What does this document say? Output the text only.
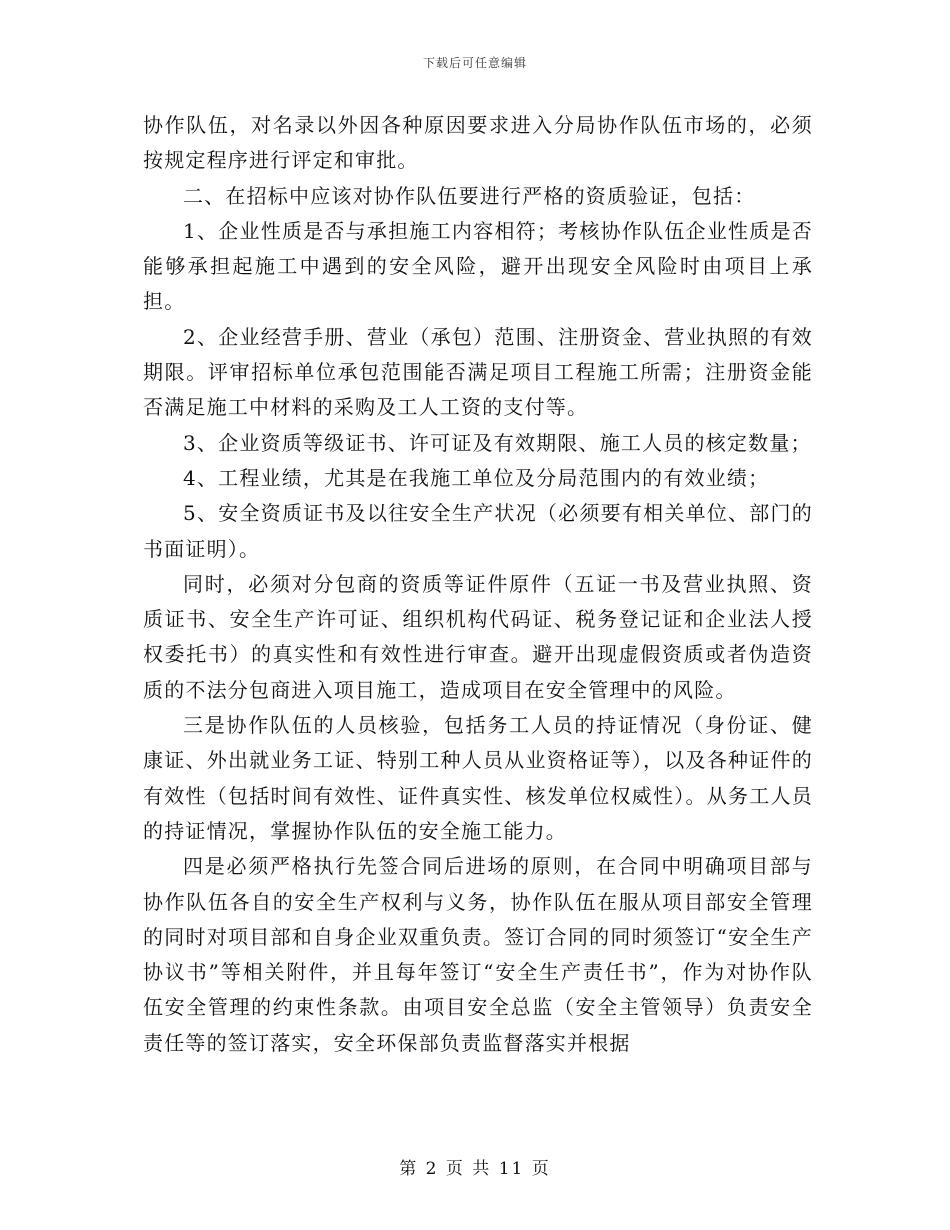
下载后可任意编辑

协作队伍，对名录以外因各种原因要求进入分局协作队伍市场的，必须按规定程序进行评定和审批。

二、在招标中应该对协作队伍要进行严格的资质验证，包括：

1、企业性质是否与承担施工内容相符；考核协作队伍企业性质是否能够承担起施工中遇到的安全风险，避开出现安全风险时由项目上承担。

2、企业经营手册、营业（承包）范围、注册资金、营业执照的有效期限。评审招标单位承包范围能否满足项目工程施工所需；注册资金能否满足施工中材料的采购及工人工资的支付等。

3、企业资质等级证书、许可证及有效期限、施工人员的核定数量；

4、工程业绩，尤其是在我施工单位及分局范围内的有效业绩；

5、安全资质证书及以往安全生产状况（必须要有相关单位、部门的书面证明）。

同时，必须对分包商的资质等证件原件（五证一书及营业执照、资质证书、安全生产许可证、组织机构代码证、税务登记证和企业法人授权委托书）的真实性和有效性进行审查。避开出现虚假资质或者伪造资质的不法分包商进入项目施工，造成项目在安全管理中的风险。

三是协作队伍的人员核验，包括务工人员的持证情况（身份证、健康证、外出就业务工证、特别工种人员从业资格证等），以及各种证件的有效性（包括时间有效性、证件真实性、核发单位权威性）。从务工人员的持证情况，掌握协作队伍的安全施工能力。

四是必须严格执行先签合同后进场的原则，在合同中明确项目部与协作队伍各自的安全生产权利与义务，协作队伍在服从项目部安全管理的同时对项目部和自身企业双重负责。签订合同的同时须签订“安全生产协议书”等相关附件，并且每年签订“安全生产责任书”，作为对协作队伍安全管理的约束性条款。由项目安全总监（安全主管领导）负责安全责任等的签订落实，安全环保部负责监督落实并根据

第 2 页 共 11 页
